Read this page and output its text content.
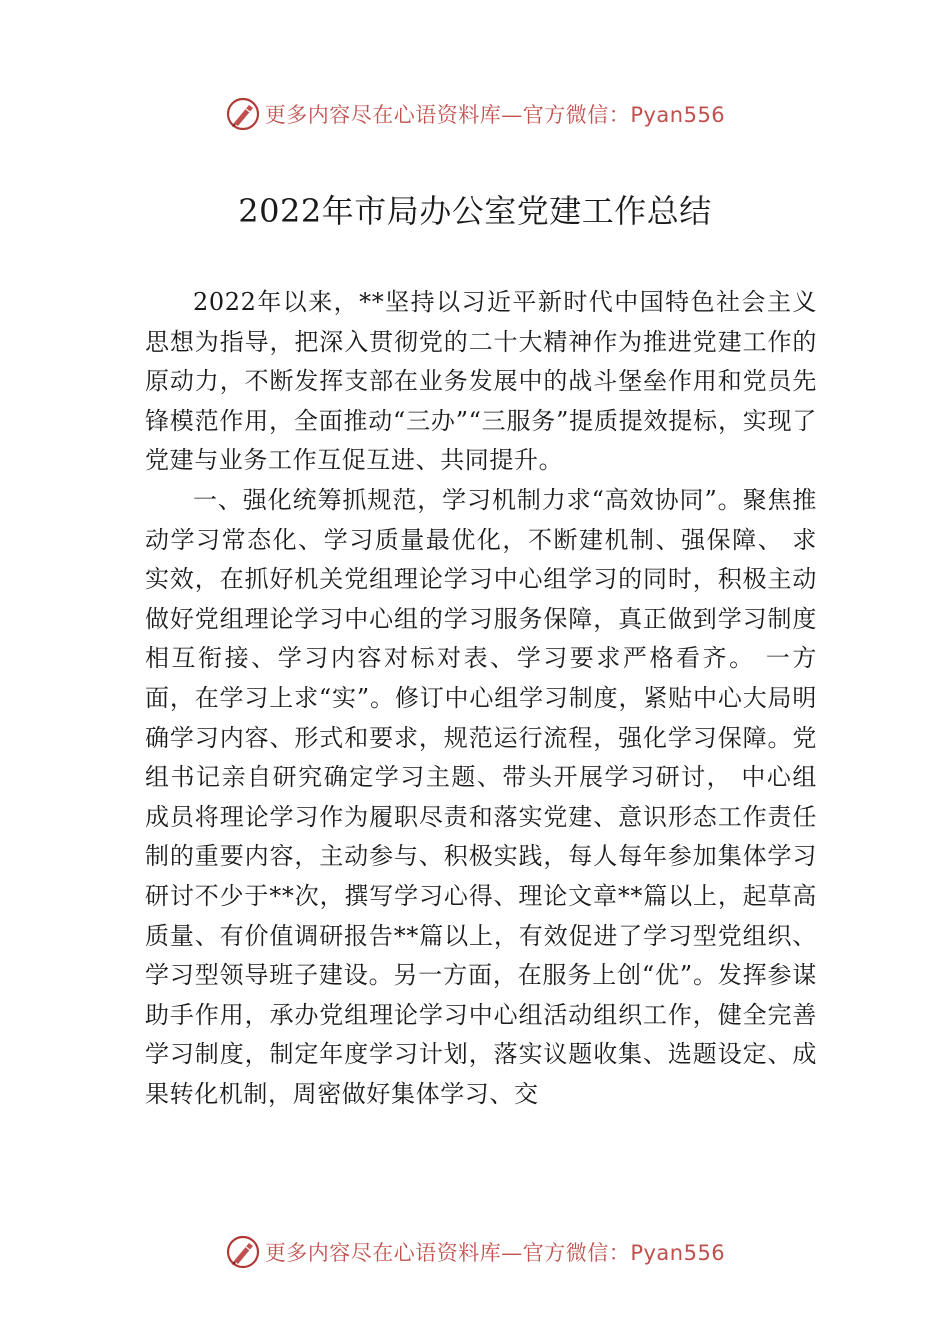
更多内容尽在心语资料库—官方微信：Pyan556
2022年市局办公室党建工作总结

2022年以来，**坚持以习近平新时代中国特色社会主义思想为指导，把深入贯彻党的二十大精神作为推进党建工作的原动力，不断发挥支部在业务发展中的战斗堡垒作用和党员先锋模范作用，全面推动“三办”“三服务”提质提效提标，实现了党建与业务工作互促互进、共同提升。

一、强化统筹抓规范，学习机制力求“高效协同”。聚焦推动学习常态化、学习质量最优化，不断建机制、强保障、 求实效，在抓好机关党组理论学习中心组学习的同时，积极主动做好党组理论学习中心组的学习服务保障，真正做到学习制度相互衔接、学习内容对标对表、学习要求严格看齐。 一方面，在学习上求“实”。修订中心组学习制度，紧贴中心大局明确学习内容、形式和要求，规范运行流程，强化学习保障。党组书记亲自研究确定学习主题、带头开展学习研讨， 中心组成员将理论学习作为履职尽责和落实党建、意识形态工作责任制的重要内容，主动参与、积极实践，每人每年参加集体学习研讨不少于**次，撰写学习心得、理论文章**篇以上，起草高质量、有价值调研报告**篇以上，有效促进了学习型党组织、学习型领导班子建设。另一方面，在服务上创“优”。发挥参谋助手作用，承办党组理论学习中心组活动组织工作，健全完善学习制度，制定年度学习计划，落实议题收集、选题设定、成果转化机制，周密做好集体学习、交

更多内容尽在心语资料库—官方微信：Pyan556
